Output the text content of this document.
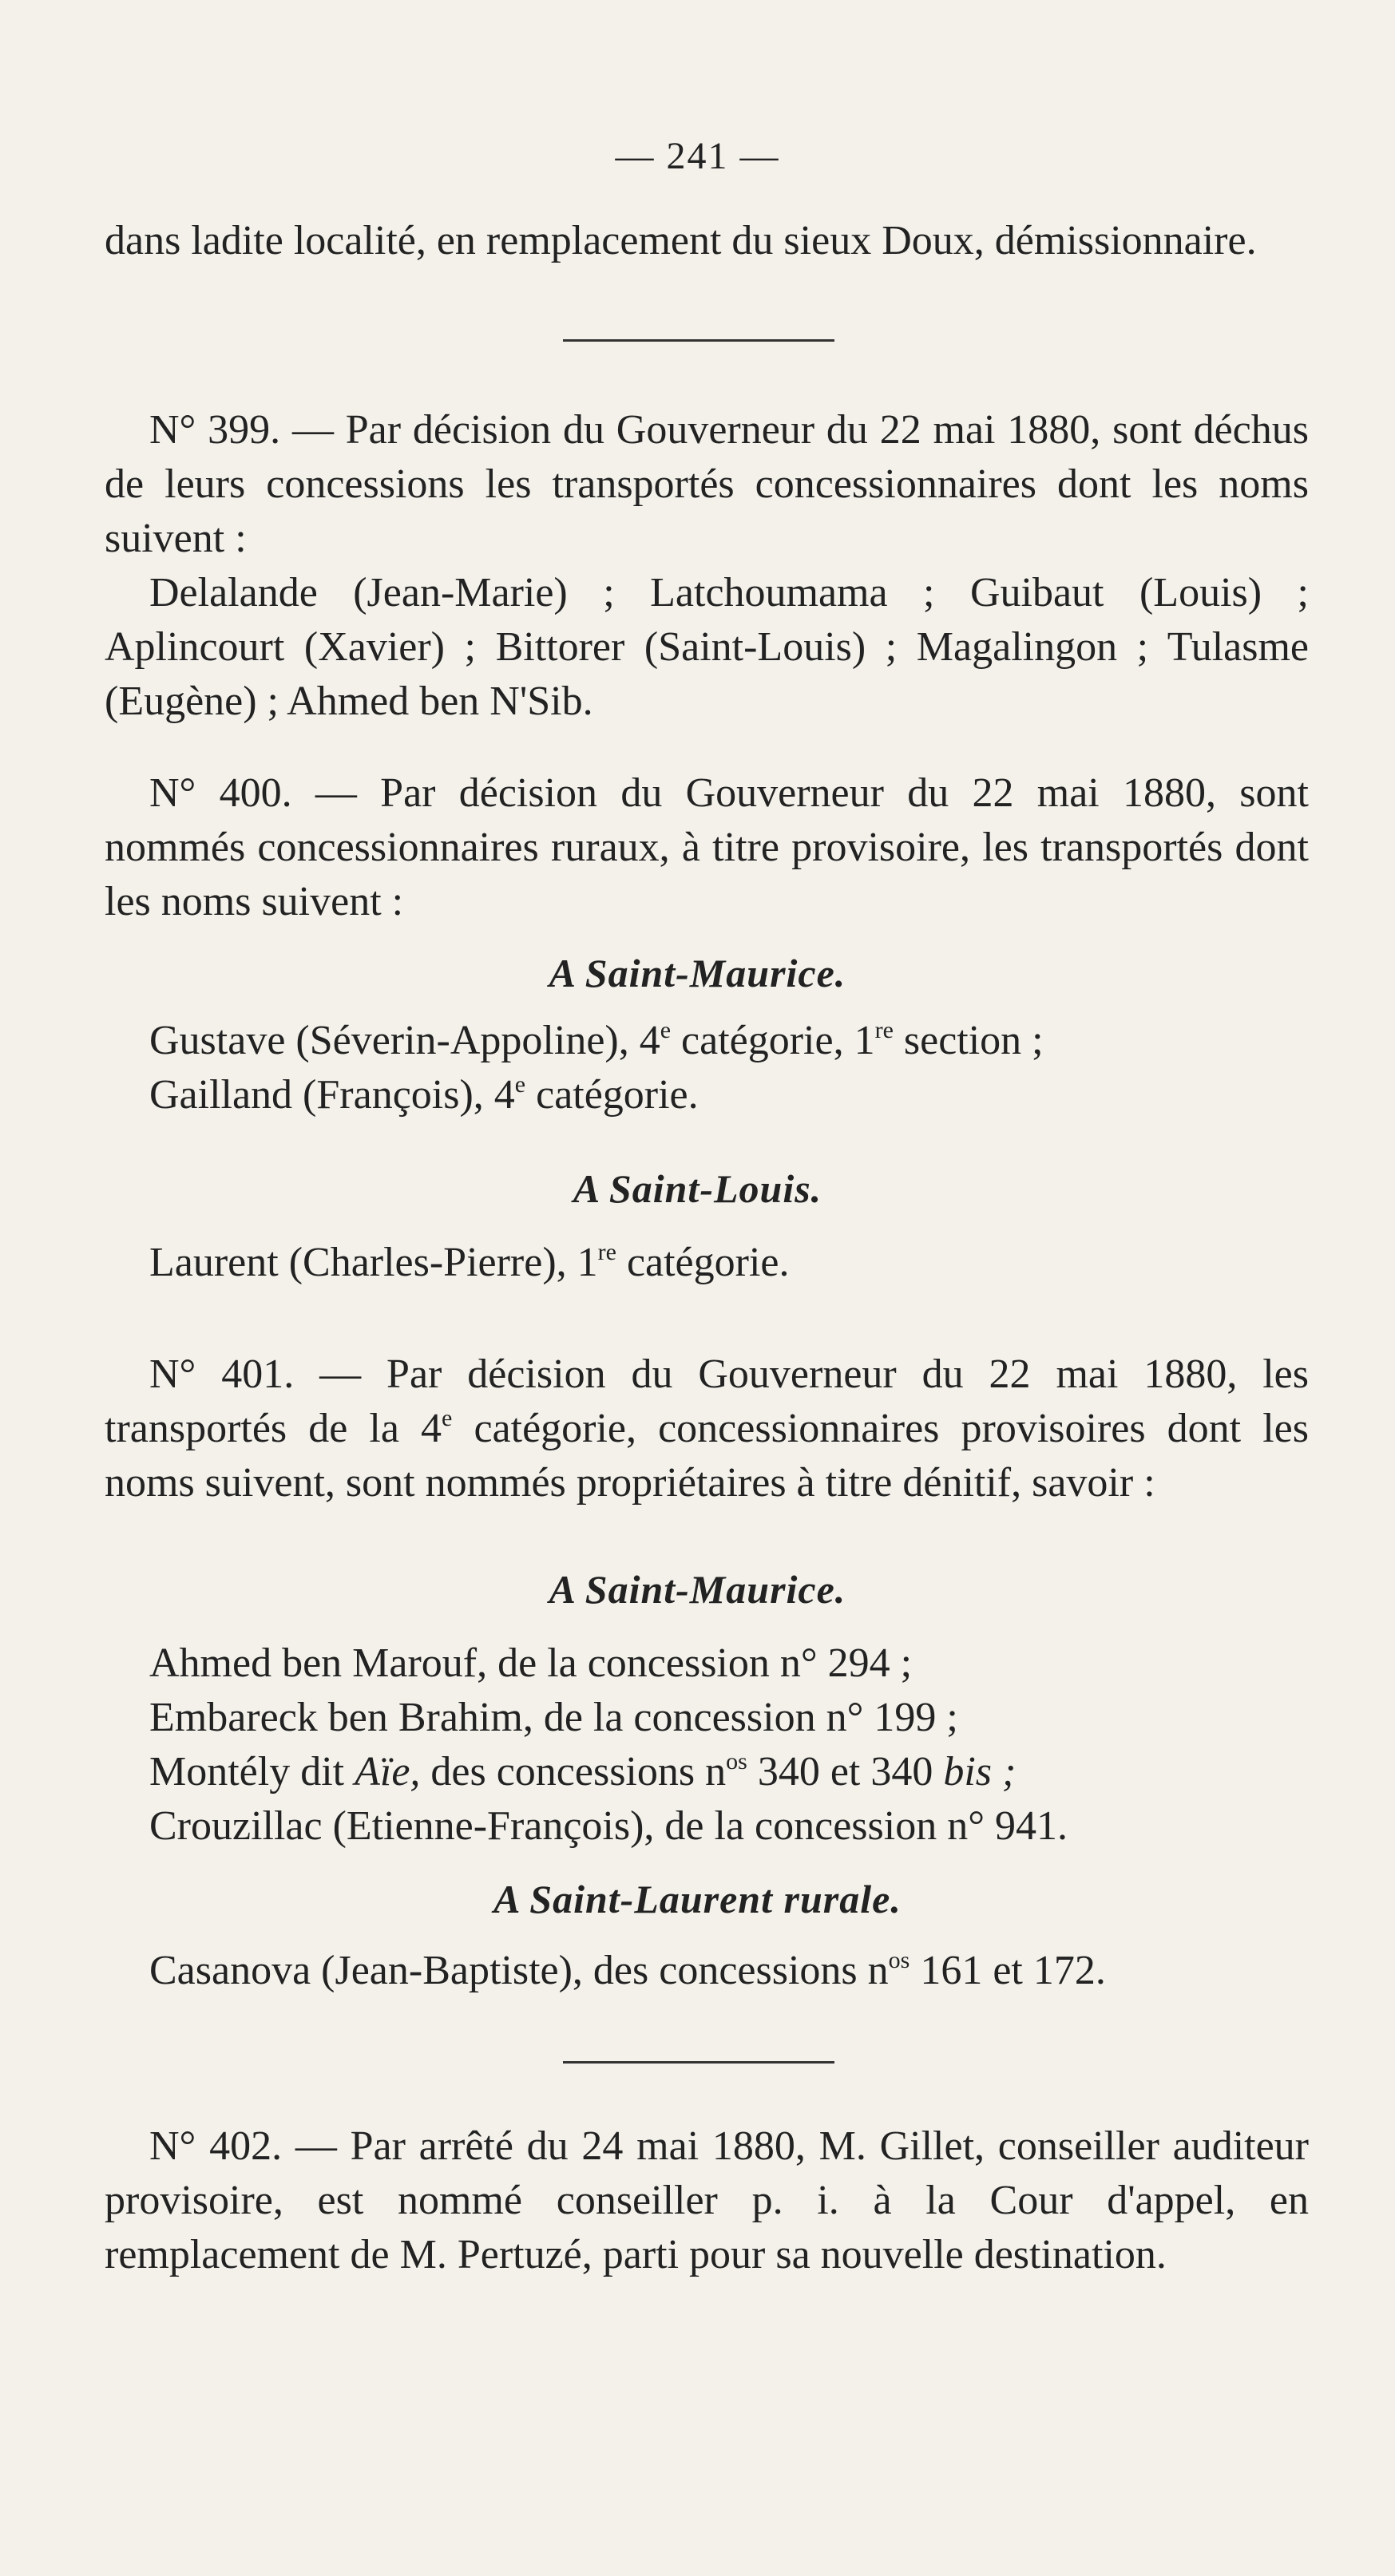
— 241 —

dans ladite localité, en remplacement du sieux Doux, démissionnaire.

N° 399. — Par décision du Gouverneur du 22 mai 1880, sont déchus de leurs concessions les transportés concessionnaires dont les noms suivent :

Delalande (Jean-Marie) ; Latchoumama ; Guibaut (Louis) ; Aplincourt (Xavier) ; Bittorer (Saint-Louis) ; Magalingon ; Tulasme (Eugène) ; Ahmed ben N'Sib.

N° 400. — Par décision du Gouverneur du 22 mai 1880, sont nommés concessionnaires ruraux, à titre provisoire, les transportés dont les noms suivent :

A Saint-Maurice.

Gustave (Séverin-Appoline), 4e catégorie, 1re section ;

Gailland (François), 4e catégorie.

A Saint-Louis.

Laurent (Charles-Pierre), 1re catégorie.

N° 401. — Par décision du Gouverneur du 22 mai 1880, les transportés de la 4e catégorie, concessionnaires provisoires dont les noms suivent, sont nommés propriétaires à titre dénitif, savoir :

A Saint-Maurice.

Ahmed ben Marouf, de la concession n° 294 ;

Embareck ben Brahim, de la concession n° 199 ;

Montély dit Aïe, des concessions $n^{os}$ 340 et 340 bis ;

Crouzillac (Etienne-François), de la concession n° 941.

A Saint-Laurent rurale.

Casanova (Jean-Baptiste), des concessions $n^{os}$ 161 et 172.

N° 402. — Par arrêté du 24 mai 1880, M. Gillet, conseiller auditeur provisoire, est nommé conseiller p. i. à la Cour d'appel, en remplacement de M. Pertuzé, parti pour sa nouvelle destination.
